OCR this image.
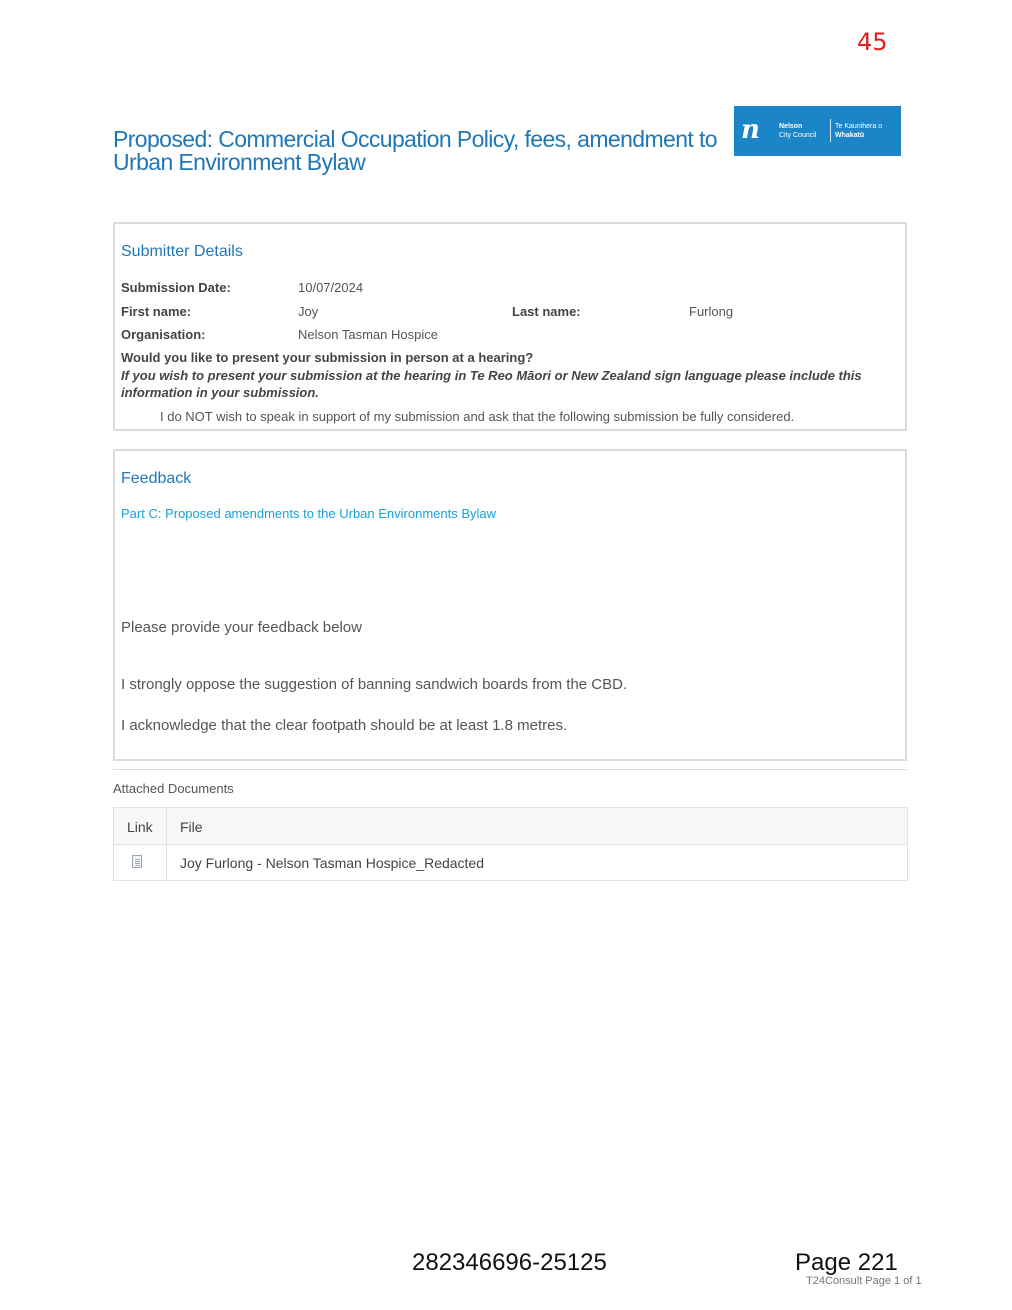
45
Proposed: Commercial Occupation Policy, fees, amendment to Urban Environment Bylaw
n	Nelson
City Council
Te Kaunihera o
Whakatū
Submitter Details
Submission Date:	10/07/2024
First name:	Joy	Last name:	Furlong
Organisation:	Nelson Tasman Hospice
Would you like to present your submission in person at a hearing?
If you wish to present your submission at the hearing in Te Reo Māori or New Zealand sign language please include this information in your submission.
I do NOT wish to speak in support of my submission and ask that the following submission be fully considered.
Feedback
Part C: Proposed amendments to the Urban Environments Bylaw
Please provide your feedback below
I strongly oppose the suggestion of banning sandwich boards from the CBD.
I acknowledge that the clear footpath should be at least 1.8 metres.
Attached Documents
Link File
Joy Furlong - Nelson Tasman Hospice_Redacted
282346696-25125	Page 221
T24Consult Page 1 of 1
